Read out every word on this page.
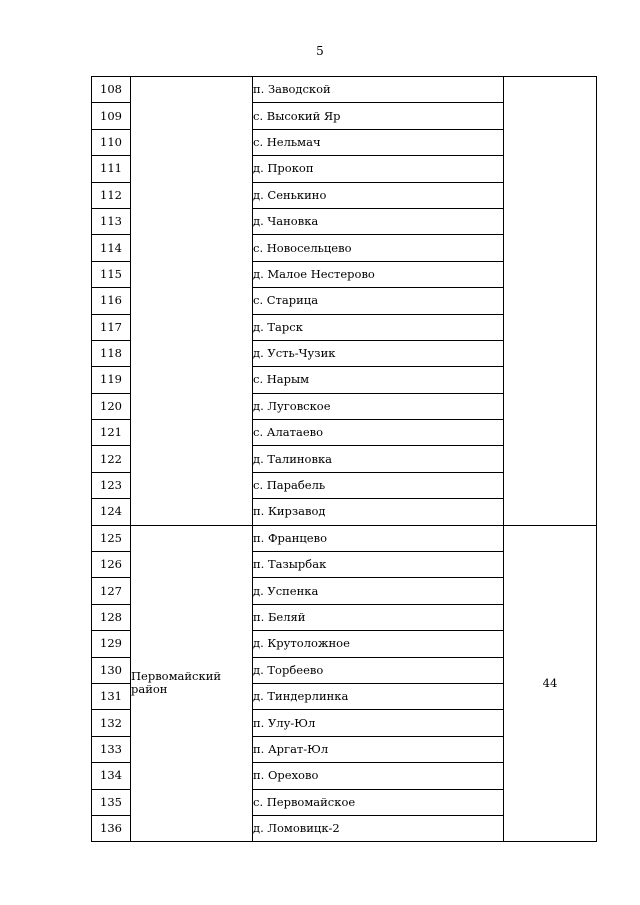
5
108		п. Заводской	
109		с. Высокий Яр	
110		с. Нельмач	
111		д. Прокоп	
112		д. Сенькино	
113		д. Чановка	
114		с. Новосельцево	
115		д. Малое Нестерово	
116		с. Старица	
117		д. Тарск	
118		д. Усть-Чузик	
119		с. Нарым	
120		д. Луговское	
121		с. Алатаево	
122		д. Талиновка	
123		с. Парабель	
124		п. Кирзавод	
125	Первомайский район	п. Францево	44
126		п. Тазырбак	
127		д. Успенка	
128		п. Беляй	
129		д. Крутоложное	
130		д. Торбеево	
131		д. Тиндерлинка	
132		п. Улу-Юл	
133		п. Аргат-Юл	
134		п. Орехово	
135		с. Первомайское	
136		д. Ломовицк-2	
